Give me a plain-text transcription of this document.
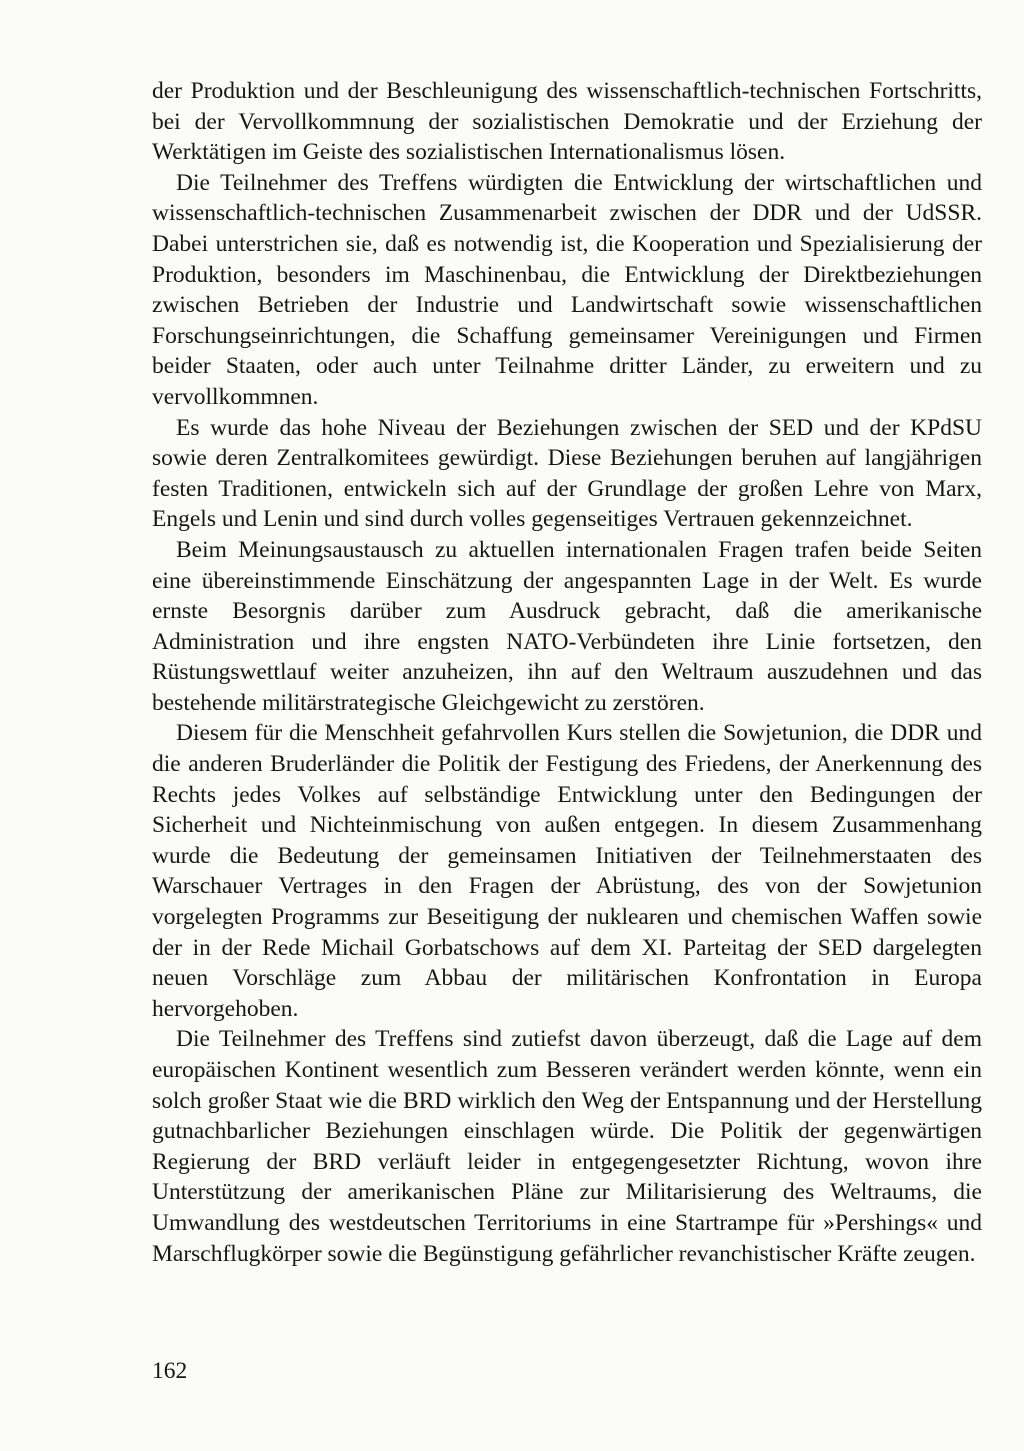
der Produktion und der Beschleunigung des wissenschaftlich-technischen Fortschritts, bei der Vervollkommnung der sozialistischen Demokratie und der Erziehung der Werktätigen im Geiste des sozialistischen Internationalismus lösen.

Die Teilnehmer des Treffens würdigten die Entwicklung der wirtschaftlichen und wissenschaftlich-technischen Zusammenarbeit zwischen der DDR und der UdSSR. Dabei unterstrichen sie, daß es notwendig ist, die Kooperation und Spezialisierung der Produktion, besonders im Maschinenbau, die Entwicklung der Direktbeziehungen zwischen Betrieben der Industrie und Landwirtschaft sowie wissenschaftlichen Forschungseinrichtungen, die Schaffung gemeinsamer Vereinigungen und Firmen beider Staaten, oder auch unter Teilnahme dritter Länder, zu erweitern und zu vervollkommnen.

Es wurde das hohe Niveau der Beziehungen zwischen der SED und der KPdSU sowie deren Zentralkomitees gewürdigt. Diese Beziehungen beruhen auf langjährigen festen Traditionen, entwickeln sich auf der Grundlage der großen Lehre von Marx, Engels und Lenin und sind durch volles gegenseitiges Vertrauen gekennzeichnet.

Beim Meinungsaustausch zu aktuellen internationalen Fragen trafen beide Seiten eine übereinstimmende Einschätzung der angespannten Lage in der Welt. Es wurde ernste Besorgnis darüber zum Ausdruck gebracht, daß die amerikanische Administration und ihre engsten NATO-Verbündeten ihre Linie fortsetzen, den Rüstungswettlauf weiter anzuheizen, ihn auf den Weltraum auszudehnen und das bestehende militärstrategische Gleichgewicht zu zerstören.

Diesem für die Menschheit gefahrvollen Kurs stellen die Sowjetunion, die DDR und die anderen Bruderländer die Politik der Festigung des Friedens, der Anerkennung des Rechts jedes Volkes auf selbständige Entwicklung unter den Bedingungen der Sicherheit und Nichteinmischung von außen entgegen. In diesem Zusammenhang wurde die Bedeutung der gemeinsamen Initiativen der Teilnehmerstaaten des Warschauer Vertrages in den Fragen der Abrüstung, des von der Sowjetunion vorgelegten Programms zur Beseitigung der nuklearen und chemischen Waffen sowie der in der Rede Michail Gorbatschows auf dem XI. Parteitag der SED dargelegten neuen Vorschläge zum Abbau der militärischen Konfrontation in Europa hervorgehoben.

Die Teilnehmer des Treffens sind zutiefst davon überzeugt, daß die Lage auf dem europäischen Kontinent wesentlich zum Besseren verändert werden könnte, wenn ein solch großer Staat wie die BRD wirklich den Weg der Entspannung und der Herstellung gutnachbarlicher Beziehungen einschlagen würde. Die Politik der gegenwärtigen Regierung der BRD verläuft leider in entgegengesetzter Richtung, wovon ihre Unterstützung der amerikanischen Pläne zur Militarisierung des Weltraums, die Umwandlung des westdeutschen Territoriums in eine Startrampe für »Pershings« und Marschflugkörper sowie die Begünstigung gefährlicher revanchistischer Kräfte zeugen.

162
